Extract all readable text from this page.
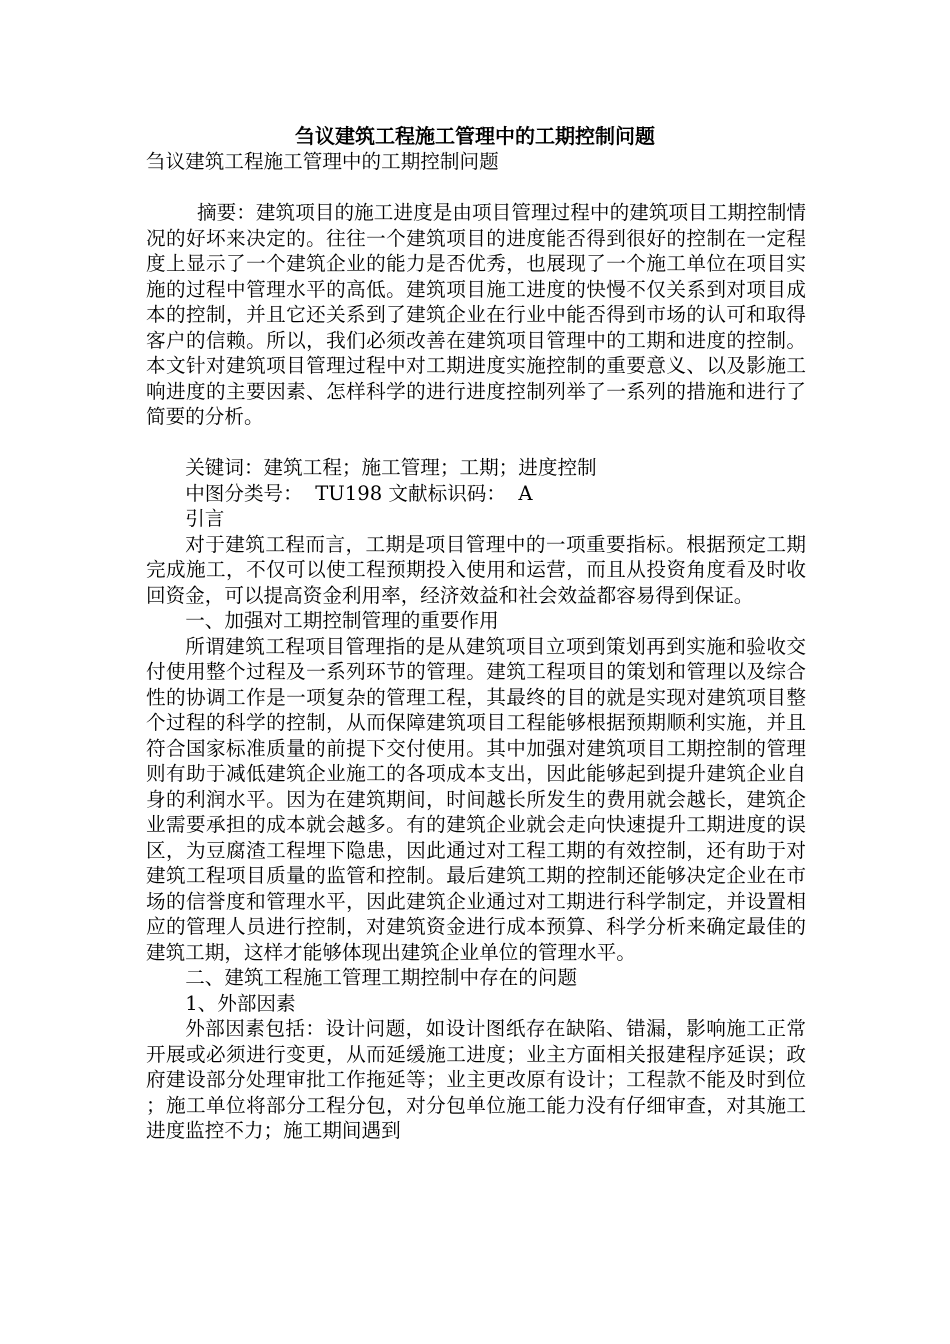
刍议建筑工程施工管理中的工期控制问题

刍议建筑工程施工管理中的工期控制问题

摘要：建筑项目的施工进度是由项目管理过程中的建筑项目工期控制情况的好坏来决定的。往往一个建筑项目的进度能否得到很好的控制在一定程度上显示了一个建筑企业的能力是否优秀，也展现了一个施工单位在项目实施的过程中管理水平的高低。建筑项目施工进度的快慢不仅关系到对项目成本的控制，并且它还关系到了建筑企业在行业中能否得到市场的认可和取得客户的信赖。所以，我们必须改善在建筑项目管理中的工期和进度的控制。本文针对建筑项目管理过程中对工期进度实施控制的重要意义、以及影施工响进度的主要因素、怎样科学的进行进度控制列举了一系列的措施和进行了简要的分析。

关键词：建筑工程；施工管理；工期；进度控制

中图分类号：  TU198 文献标识码：  A

引言

对于建筑工程而言，工期是项目管理中的一项重要指标。根据预定工期完成施工，不仅可以使工程预期投入使用和运营，而且从投资角度看及时收回资金，可以提高资金利用率，经济效益和社会效益都容易得到保证。

一、加强对工期控制管理的重要作用

所谓建筑工程项目管理指的是从建筑项目立项到策划再到实施和验收交付使用整个过程及一系列环节的管理。建筑工程项目的策划和管理以及综合性的协调工作是一项复杂的管理工程，其最终的目的就是实现对建筑项目整个过程的科学的控制，从而保障建筑项目工程能够根据预期顺利实施，并且符合国家标准质量的前提下交付使用。其中加强对建筑项目工期控制的管理则有助于减低建筑企业施工的各项成本支出，因此能够起到提升建筑企业自身的利润水平。因为在建筑期间，时间越长所发生的费用就会越长，建筑企业需要承担的成本就会越多。有的建筑企业就会走向快速提升工期进度的误区，为豆腐渣工程埋下隐患，因此通过对工程工期的有效控制，还有助于对建筑工程项目质量的监管和控制。最后建筑工期的控制还能够决定企业在市场的信誉度和管理水平，因此建筑企业通过对工期进行科学制定，并设置相应的管理人员进行控制，对建筑资金进行成本预算、科学分析来确定最佳的建筑工期，这样才能够体现出建筑企业单位的管理水平。

二、建筑工程施工管理工期控制中存在的问题

1、外部因素

外部因素包括：设计问题，如设计图纸存在缺陷、错漏，影响施工正常开展或必须进行变更，从而延缓施工进度；业主方面相关报建程序延误；政府建设部分处理审批工作拖延等；业主更改原有设计；工程款不能及时到位；施工单位将部分工程分包，对分包单位施工能力没有仔细审查，对其施工进度监控不力；施工期间遇到
